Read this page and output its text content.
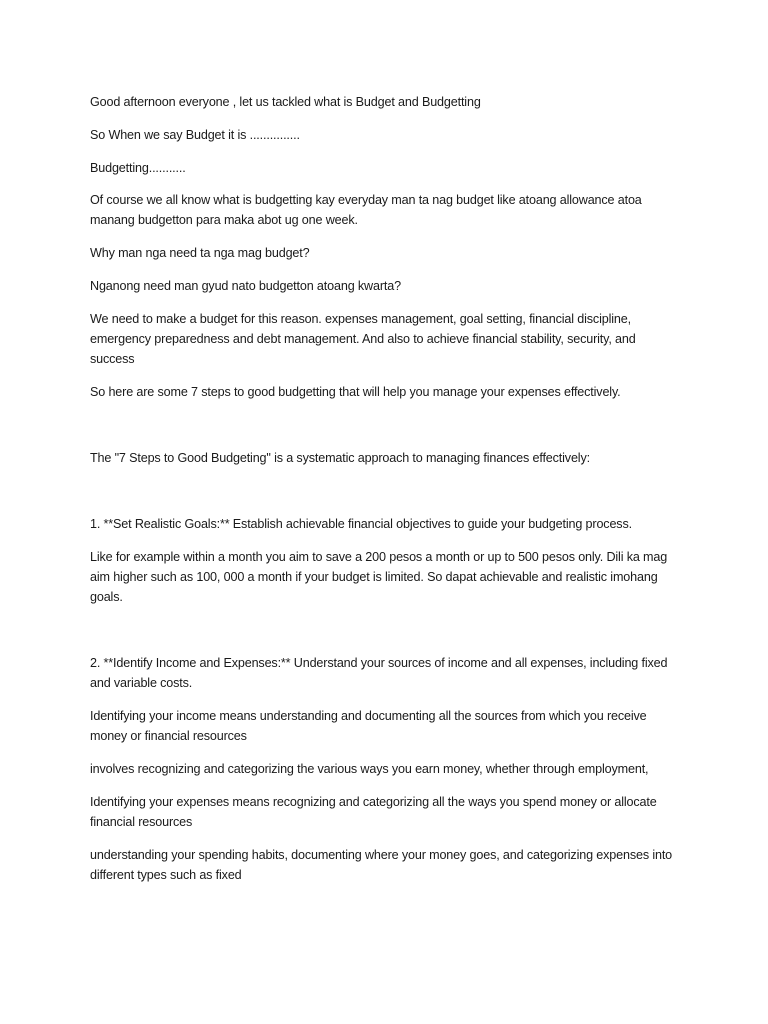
Good afternoon everyone , let us tackled what is Budget and Budgetting

So When we say Budget it is ...............

Budgetting...........

Of course we all know what is budgetting kay everyday man ta nag budget like atoang allowance atoa manang budgetton para maka abot ug one week.

Why man nga need ta nga mag budget?

Nganong need man gyud nato budgetton atoang kwarta?

We need to make a budget for this reason. expenses management, goal setting, financial discipline, emergency preparedness and debt management. And also to achieve financial stability, security, and success

So here are some 7 steps to good budgetting that will help you manage your expenses effectively.

The "7 Steps to Good Budgeting" is a systematic approach to managing finances effectively:

1. **Set Realistic Goals:** Establish achievable financial objectives to guide your budgeting process.

Like for example within a month you aim to save a 200 pesos a month or up to 500 pesos only. Dili ka mag aim higher such as 100, 000 a month if your budget is limited. So dapat achievable and realistic imohang goals.

2. **Identify Income and Expenses:** Understand your sources of income and all expenses, including fixed and variable costs.

Identifying your income means understanding and documenting all the sources from which you receive money or financial resources

involves recognizing and categorizing the various ways you earn money, whether through employment,

Identifying your expenses means recognizing and categorizing all the ways you spend money or allocate financial resources

understanding your spending habits, documenting where your money goes, and categorizing expenses into different types such as fixed
